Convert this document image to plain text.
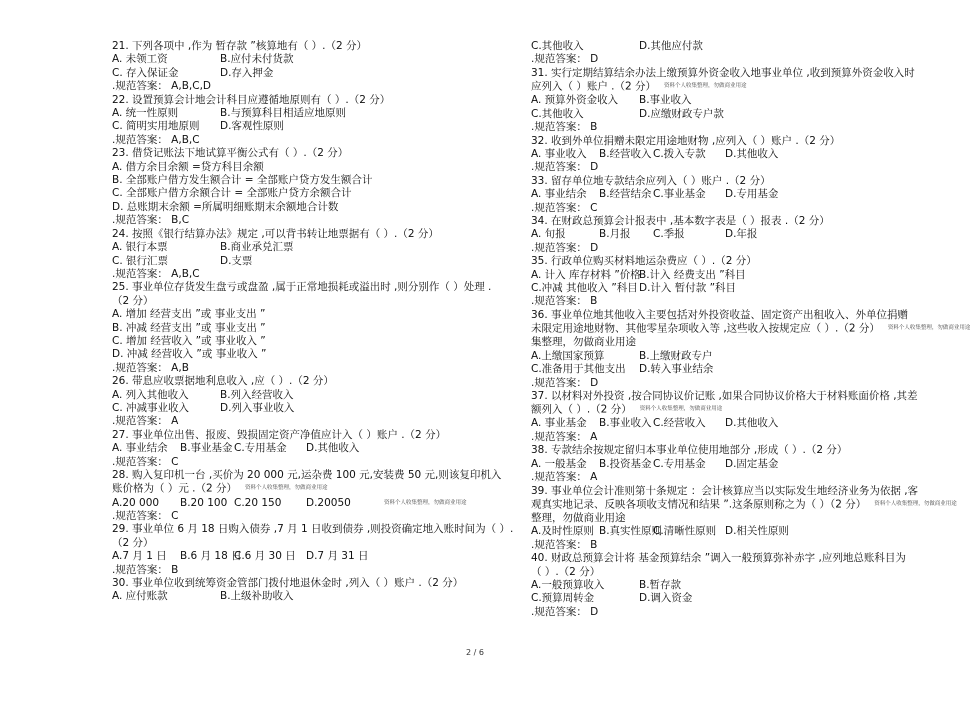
21. 下列各项中 ,作为 暂存款 ”核算地有（ ）.（2 分）
A. 未领工资	B.应付未付货款
C. 存入保证金	D.存入押金
.规范答案： A,B,C,D
22. 设置预算会计地会计科目应遵循地原则有（ ）.（2 分）
A. 统一性原则	B.与预算科目相适应地原则
C. 简明实用地原则	D.客观性原则
.规范答案： A,B,C
23. 借贷记账法下地试算平衡公式有（ ）.（2 分）
A. 借方余目余额 =贷方科目余额
B. 全部账户借方发生额合计 = 全部账户贷方发生额合计
C. 全部账户借方余额合计 = 全部账户贷方余额合计
D. 总账期末余额 =所属明细账期末余额地合计数
.规范答案： B,C
24. 按照《银行结算办法》规定 ,可以背书转让地票据有（ ）.（2 分）
A. 银行本票	B.商业承兑汇票
C. 银行汇票	D.支票
.规范答案： A,B,C
25. 事业单位存货发生盘亏或盘盈 ,属于正常地损耗或溢出时 ,则分别作（ ）处理 .
（2 分）
A. 增加 经营支出 ”或 事业支出 ”
B. 冲减 经营支出 ”或 事业支出 ”
C. 增加 经营收入 ”或 事业收入 ”
D. 冲减 经营收入 ”或 事业收入 ”
.规范答案： A,B
26. 带息应收票据地利息收入 ,应（ ）.（2 分）
A. 列入其他收入	B.列入经营收入
C. 冲减事业收入	D.列入事业收入
.规范答案： A
27. 事业单位出售、报废、毁损固定资产净值应计入（ ）账户 .（2 分）
A. 事业结余	B.事业基金 C.专用基金	D.其他收入
.规范答案： C
28. 购入复印机一台 ,买价为 20 000 元,运杂费 100 元,安装费 50 元,则该复印机入
账价格为（ ）元 .（2 分） 资料个人收集整理，勿做商业用途
A.20 000	B.20 100 C.20 150	D.20050	资料个人收集整理，勿做商业用途
.规范答案： C
29. 事业单位 6 月 18 日购入债券 ,7 月 1 日收到债券 ,则投资确定地入账时间为（ ）.
（2 分）
A.7 月 1 日	B.6 月 18 日
C.6 月 30 日 D.7 月 31 日
.规范答案： B
30. 事业单位收到统筹资金管部门拨付地退休金时 ,列入（ ）账户 .（2 分）
A. 应付账款	B.上级补助收入
C.其他收入	D.其他应付款
.规范答案： D
31. 实行定期结算结余办法上缴预算外资金收入地事业单位 ,收到预算外资金收入时
应列入（ ）账户 .（2 分） 资料个人收集整理，勿做商业用途
A. 预算外资金收入	B.事业收入
C.其他收入	D.应缴财政专户款
.规范答案： B
32. 收到外单位捐赠未限定用途地财物 ,应列入（ ）账户 .（2 分）
A. 事业收入	B.经营收入 C.拨入专款	D.其他收入
.规范答案： D
33. 留存单位地专款结余应列入（ ）账户 .（2 分）
A. 事业结余	B.经营结余 C.事业基金	D.专用基金
.规范答案： C
34. 在财政总预算会计报表中 ,基本数字表是（ ）报表 .（2 分）
A. 旬报	B.月报	C.季报	D.年报
.规范答案： D
35. 行政单位购买材料地运杂费应（ ）.（2 分）
A. 计入 库存材料 ”价格
B.计入 经费支出 ”科目
C.冲减 其他收入 ”科目 D.计入 暂付款 ”科目
.规范答案： B
36. 事业单位地其他收入主要包括对外投资收益、固定资产出租收入、外单位捐赠
未限定用途地财物、其他零星杂项收入等 ,这些收入按规定应（ ）.（2 分） 资料个人收集整理，勿做商业用途
集整理，勿做商业用途
A.上缴国家预算	B.上缴财政专户
C.准备用于其他支出	D.转入事业结余
.规范答案： D
37. 以材料对外投资 ,按合同协议价记账 ,如果合同协议价格大于材料账面价格 ,其差
额列入（ ）.（2 分） 资料个人收集整理，勿做商业用途
A. 事业基金	B.事业收入 C.经营收入	D.其他收入
.规范答案： A
38. 专款结余按规定留归本事业单位使用地部分 ,形成（ ）.（2 分）
A. 一般基金	B.投资基金 C.专用基金	D.固定基金
.规范答案： A
39. 事业单位会计准则第十条规定 ：会计核算应当以实际发生地经济业务为依据 ,客
观真实地记录、反映各项收支情况和结果 ”.这条原则称之为（ ）（2 分） 资料个人收集整理，勿做商业用途
整理，勿做商业用途
A.及时性原则 B.真实性原则
C.清晰性原则 D.相关性原则
.规范答案： B
40. 财政总预算会计将 基金预算结余 ”调入一般预算弥补赤字 ,应列地总账科目为
（ ）.（2 分）
A.一般预算收入	B.暂存款
C.预算周转金	D.调入资金
.规范答案： D
2 / 6
